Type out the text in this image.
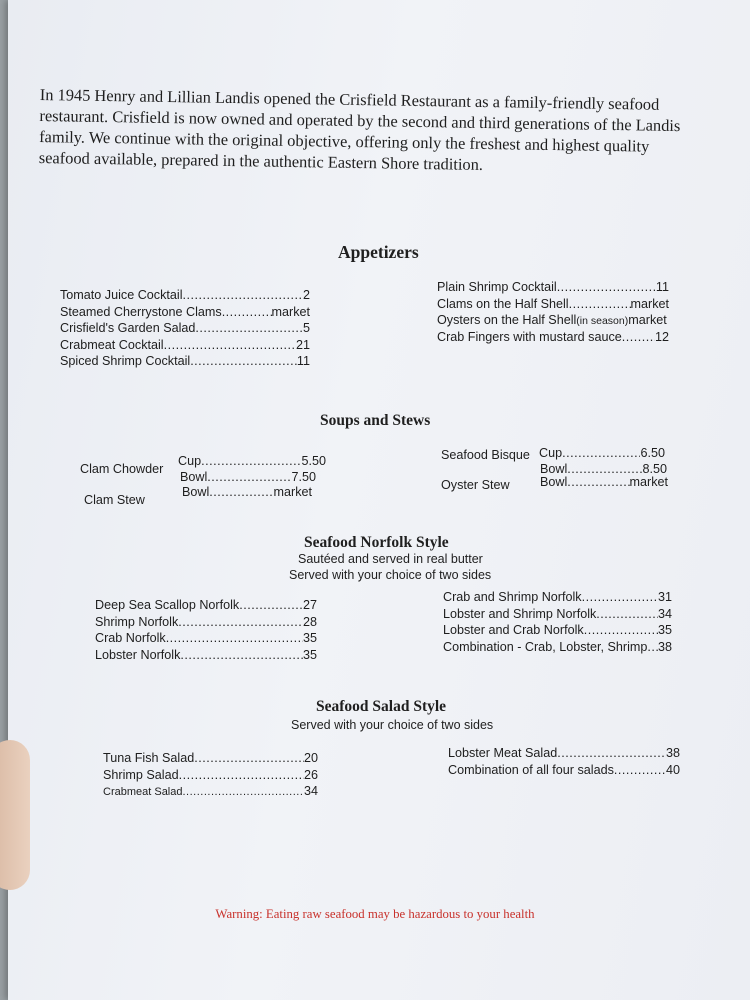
In 1945 Henry and Lillian Landis opened the Crisfield Restaurant as a family-friendly seafood
restaurant. Crisfield is now owned and operated by the second and third generations of the Landis
family. We continue with the original objective, offering only the freshest and highest quality
seafood available, prepared in the authentic Eastern Shore tradition.

Appetizers
Tomato Juice Cocktail .....	2
Steamed Cherrystone Clams .....	market
Crisfield's Garden Salad .....	5
Crabmeat Cocktail .....	21
Spiced Shrimp Cocktail .....	11
Plain Shrimp Cocktail .....	11
Clams on the Half Shell .....	market
Oysters on the Half Shell (in season) market
Crab Fingers with mustard sauce .....	12
Soups and Stews
Clam Chowder
Cup .....	5.50
Bowl .....	7.50
Clam Stew
Bowl .....	market
Seafood Bisque Cup .....	6.50
Bowl .....	8.50
Oyster Stew Bowl .....	market
Seafood Norfolk Style
Sautéed and served in real butter
Served with your choice of two sides
Deep Sea Scallop Norfolk .....	27
Shrimp Norfolk .....	28
Crab Norfolk .....	35
Lobster Norfolk .....	35
Crab and Shrimp Norfolk .....	31
Lobster and Shrimp Norfolk .....	34
Lobster and Crab Norfolk .....	35
Combination - Crab, Lobster, Shrimp ..... 38
Seafood Salad Style
Served with your choice of two sides
Tuna Fish Salad .....	20
Shrimp Salad .....	26
Crabmeat Salad .....	34
Lobster Meat Salad .....	38
Combination of all four salads .....	40
Warning: Eating raw seafood may be hazardous to your health
